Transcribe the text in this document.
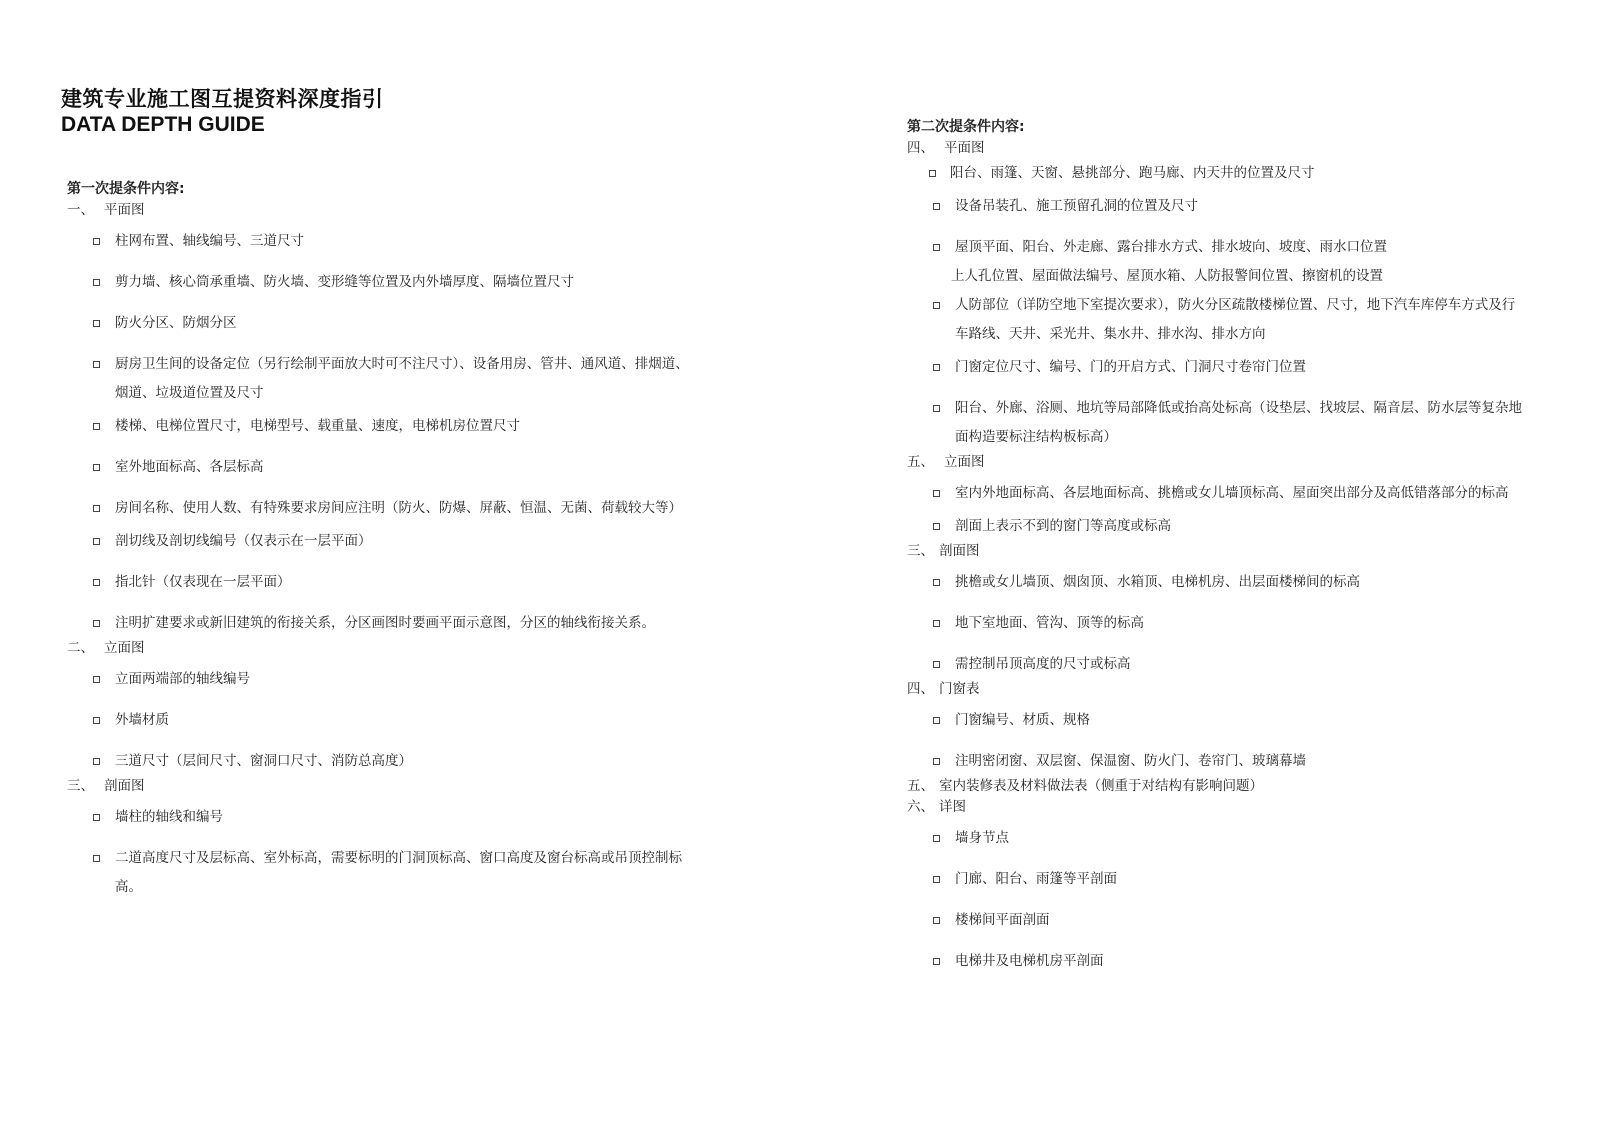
建筑专业施工图互提资料深度指引
DATA DEPTH GUIDE
第一次提条件内容:
一、 平面图
柱网布置、轴线编号、三道尺寸
剪力墙、核心筒承重墙、防火墙、变形缝等位置及内外墙厚度、隔墙位置尺寸
防火分区、防烟分区
厨房卫生间的设备定位（另行绘制平面放大时可不注尺寸）、设备用房、管井、通风道、排烟道、烟道、垃圾道位置及尺寸
楼梯、电梯位置尺寸，电梯型号、载重量、速度，电梯机房位置尺寸
室外地面标高、各层标高
房间名称、使用人数、有特殊要求房间应注明（防火、防爆、屏蔽、恒温、无菌、荷载较大等）
剖切线及剖切线编号（仅表示在一层平面）
指北针（仅表现在一层平面）
注明扩建要求或新旧建筑的衔接关系，分区画图时要画平面示意图，分区的轴线衔接关系。
二、 立面图
立面两端部的轴线编号
外墙材质
三道尺寸（层间尺寸、窗洞口尺寸、消防总高度）
三、 剖面图
墙柱的轴线和编号
二道高度尺寸及层标高、室外标高，需要标明的门洞顶标高、窗口高度及窗台标高或吊顶控制标高。
第二次提条件内容:
四、 平面图
阳台、雨篷、天窗、悬挑部分、跑马廊、内天井的位置及尺寸
设备吊装孔、施工预留孔洞的位置及尺寸
屋顶平面、阳台、外走廊、露台排水方式、排水坡向、坡度、雨水口位置
上人孔位置、屋面做法编号、屋顶水箱、人防报警间位置、擦窗机的设置
人防部位（详防空地下室提次要求），防火分区疏散楼梯位置、尺寸，地下汽车库停车方式及行车路线、天井、采光井、集水井、排水沟、排水方向
门窗定位尺寸、编号、门的开启方式、门洞尺寸卷帘门位置
阳台、外廊、浴厕、地坑等局部降低或抬高处标高（设垫层、找坡层、隔音层、防水层等复杂地面构造要标注结构板标高）
五、 立面图
室内外地面标高、各层地面标高、挑檐或女儿墙顶标高、屋面突出部分及高低错落部分的标高
剖面上表示不到的窗门等高度或标高
三、 剖面图
挑檐或女儿墙顶、烟囱顶、水箱顶、电梯机房、出层面楼梯间的标高
地下室地面、管沟、顶等的标高
需控制吊顶高度的尺寸或标高
四、 门窗表
门窗编号、材质、规格
注明密闭窗、双层窗、保温窗、防火门、卷帘门、玻璃幕墙
五、 室内装修表及材料做法表（侧重于对结构有影响问题）
六、 详图
墙身节点
门廊、阳台、雨篷等平剖面
楼梯间平面剖面
电梯井及电梯机房平剖面
